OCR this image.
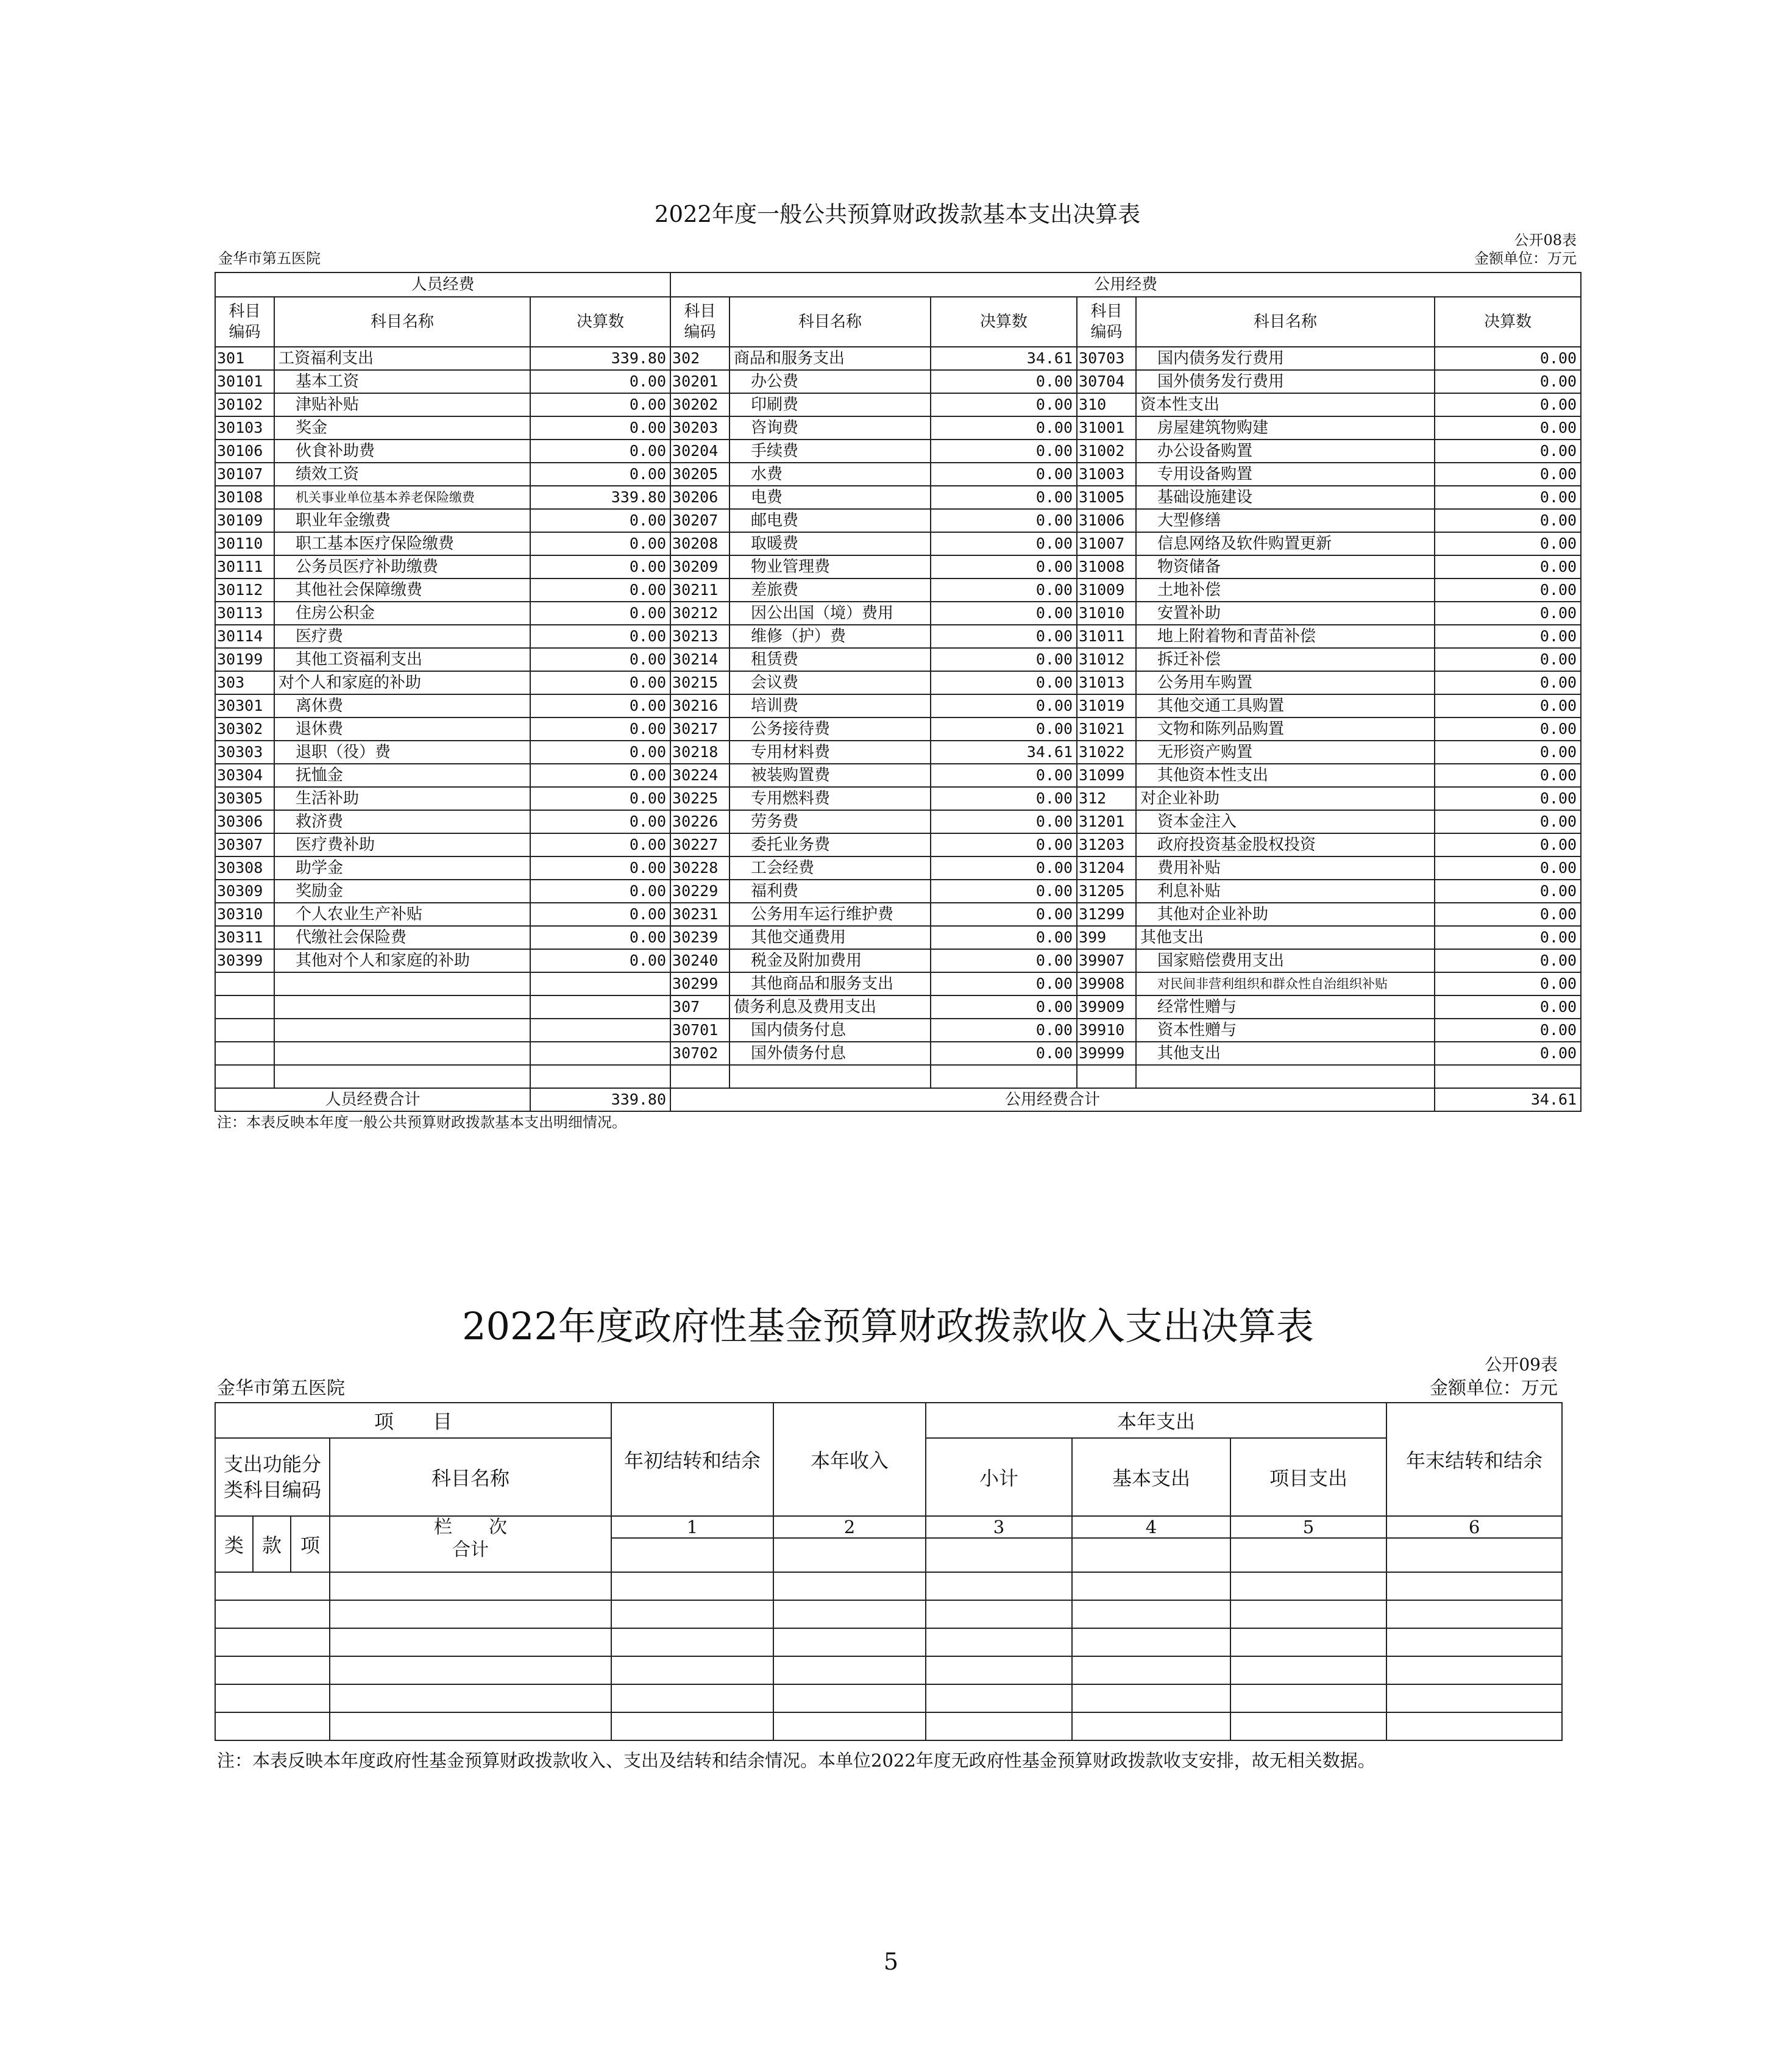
2022年度一般公共预算财政拨款基本支出决算表
公开08表
金华市第五医院	金额单位：万元
人员经费			公用经费					
科目编码	科目名称	决算数	科目编码	科目名称	决算数	科目编码	科目名称	决算数
301	工资福利支出	339.80	302	商品和服务支出	34.61	30703	国内债务发行费用	0.00
30101	基本工资	0.00	30201	办公费	0.00	30704	国外债务发行费用	0.00
30102	津贴补贴	0.00	30202	印刷费	0.00	310	资本性支出	0.00
30103	奖金	0.00	30203	咨询费	0.00	31001	房屋建筑物购建	0.00
30106	伙食补助费	0.00	30204	手续费	0.00	31002	办公设备购置	0.00
30107	绩效工资	0.00	30205	水费	0.00	31003	专用设备购置	0.00
30108	机关事业单位基本养老保险缴费	339.80	30206	电费	0.00	31005	基础设施建设	0.00
30109	职业年金缴费	0.00	30207	邮电费	0.00	31006	大型修缮	0.00
30110	职工基本医疗保险缴费	0.00	30208	取暖费	0.00	31007	信息网络及软件购置更新	0.00
30111	公务员医疗补助缴费	0.00	30209	物业管理费	0.00	31008	物资储备	0.00
30112	其他社会保障缴费	0.00	30211	差旅费	0.00	31009	土地补偿	0.00
30113	住房公积金	0.00	30212	因公出国（境）费用	0.00	31010	安置补助	0.00
30114	医疗费	0.00	30213	维修（护）费	0.00	31011	地上附着物和青苗补偿	0.00
30199	其他工资福利支出	0.00	30214	租赁费	0.00	31012	拆迁补偿	0.00
303	对个人和家庭的补助	0.00	30215	会议费	0.00	31013	公务用车购置	0.00
30301	离休费	0.00	30216	培训费	0.00	31019	其他交通工具购置	0.00
30302	退休费	0.00	30217	公务接待费	0.00	31021	文物和陈列品购置	0.00
30303	退职（役）费	0.00	30218	专用材料费	34.61	31022	无形资产购置	0.00
30304	抚恤金	0.00	30224	被装购置费	0.00	31099	其他资本性支出	0.00
30305	生活补助	0.00	30225	专用燃料费	0.00	312	对企业补助	0.00
30306	救济费	0.00	30226	劳务费	0.00	31201	资本金注入	0.00
30307	医疗费补助	0.00	30227	委托业务费	0.00	31203	政府投资基金股权投资	0.00
30308	助学金	0.00	30228	工会经费	0.00	31204	费用补贴	0.00
30309	奖励金	0.00	30229	福利费	0.00	31205	利息补贴	0.00
30310	个人农业生产补贴	0.00	30231	公务用车运行维护费	0.00	31299	其他对企业补助	0.00
30311	代缴社会保险费	0.00	30239	其他交通费用	0.00	399	其他支出	0.00
30399	其他对个人和家庭的补助	0.00	30240	税金及附加费用	0.00	39907	国家赔偿费用支出	0.00
			30299	其他商品和服务支出	0.00	39908	对民间非营利组织和群众性自治组织补贴	0.00
			307	债务利息及费用支出	0.00	39909	经常性赠与	0.00
			30701	国内债务付息	0.00	39910	资本性赠与	0.00
			30702	国外债务付息	0.00	39999	其他支出	0.00

人员经费合计		339.80	公用经费合计					34.61
注：本表反映本年度一般公共预算财政拨款基本支出明细情况。
2022年度政府性基金预算财政拨款收入支出决算表
公开09表
金华市第五医院	金额单位：万元
项　　目				年初结转和结余	本年收入	本年支出			年末结转和结余
支出功能分类科目编码			科目名称			小计	基本支出	项目支出	
类	款	项	栏　　次	1	2	3	4	5	6
			合计						

注：本表反映本年度政府性基金预算财政拨款收入、支出及结转和结余情况。本单位2022年度无政府性基金预算财政拨款收支安排，故无相关数据。
5
